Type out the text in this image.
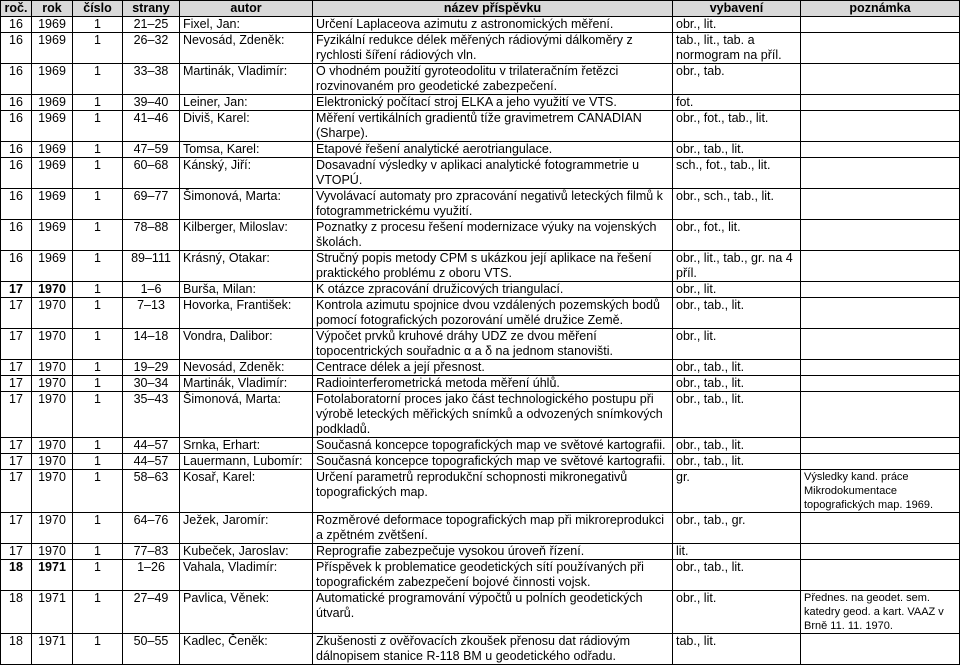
roč.	rok	číslo	strany	autor	název příspěvku	vybavení	poznámka
16	1969	1	21–25	Fixel, Jan:	Určení Laplaceova azimutu z astronomických měření.	obr., lit.	
16	1969	1	26–32	Nevosád, Zdeněk:	Fyzikální redukce délek měřených rádiovými dálkoměry z rychlosti šíření rádiových vln.	tab., lit., tab. a normogram na příl.	
16	1969	1	33–38	Martinák, Vladimír:	O vhodném použití gyroteodolitu v trilateračním řetězci rozvinovaném pro geodetické zabezpečení.	obr., tab.	
16	1969	1	39–40	Leiner, Jan:	Elektronický počítací stroj ELKA a jeho využití ve VTS.	fot.	
16	1969	1	41–46	Diviš, Karel:	Měření vertikálních gradientů tíže gravimetrem CANADIAN (Sharpe).	obr., fot., tab., lit.	
16	1969	1	47–59	Tomsa, Karel:	Etapové řešení analytické aerotriangulace.	obr., tab., lit.	
16	1969	1	60–68	Kánský, Jiří:	Dosavadní výsledky v aplikaci analytické fotogrammetrie u VTOPÚ.	sch., fot., tab., lit.	
16	1969	1	69–77	Šimonová, Marta:	Vyvolávací automaty pro zpracování negativů leteckých filmů k fotogrammetrickému využití.	obr., sch., tab., lit.	
16	1969	1	78–88	Kilberger, Miloslav:	Poznatky z procesu řešení modernizace výuky na vojenských školách.	obr., fot., lit.	
16	1969	1	89–111	Krásný, Otakar:	Stručný popis metody CPM s ukázkou její aplikace na řešení praktického problému z oboru VTS.	obr., lit., tab., gr. na 4 příl.	
17	1970	1	1–6	Burša, Milan:	K otázce zpracování družicových triangulací.	obr., lit.	
17	1970	1	7–13	Hovorka, František:	Kontrola azimutu spojnice dvou vzdálených pozemských bodů pomocí fotografických pozorování umělé družice Země.	obr., tab., lit.	
17	1970	1	14–18	Vondra, Dalibor:	Výpočet prvků kruhové dráhy UDZ ze dvou měření topocentrických souřadnic α a δ na jednom stanovišti.	obr., lit.	
17	1970	1	19–29	Nevosád, Zdeněk:	Centrace délek a její přesnost.	obr., tab., lit.	
17	1970	1	30–34	Martinák, Vladimír:	Radiointerferometrická metoda měření úhlů.	obr., tab., lit.	
17	1970	1	35–43	Šimonová, Marta:	Fotolaboratorní proces jako část technologického postupu při výrobě leteckých měřických snímků a odvozených snímkových podkladů.	obr., tab., lit.	
17	1970	1	44–57	Srnka, Erhart:	Současná koncepce topografických map ve světové kartografii.	obr., tab., lit.	
17	1970	1	44–57	Lauermann, Lubomír:	Současná koncepce topografických map ve světové kartografii.	obr., tab., lit.	
17	1970	1	58–63	Kosař, Karel:	Určení parametrů reprodukční schopnosti mikronegativů topografických map.	gr.	Výsledky kand. práce Mikrodokumentace topografických map. 1969.
17	1970	1	64–76	Ježek, Jaromír:	Rozměrové deformace topografických map při mikroreprodukci a zpětném zvětšení.	obr., tab., gr.	
17	1970	1	77–83	Kubeček, Jaroslav:	Reprografie zabezpečuje vysokou úroveň řízení.	lit.	
18	1971	1	1–26	Vahala, Vladimír:	Příspěvek k problematice geodetických sítí používaných při topografickém zabezpečení bojové činnosti vojsk.	obr., tab., lit.	
18	1971	1	27–49	Pavlica, Věnek:	Automatické programování výpočtů u polních geodetických útvarů.	obr., lit.	Přednes. na geodet. sem. katedry geod. a kart. VAAZ v Brně 11. 11. 1970.
18	1971	1	50–55	Kadlec, Čeněk:	Zkušenosti z ověřovacích zkoušek přenosu dat rádiovým dálnopisem stanice R-118 BM u geodetického odřadu.	tab., lit.	
